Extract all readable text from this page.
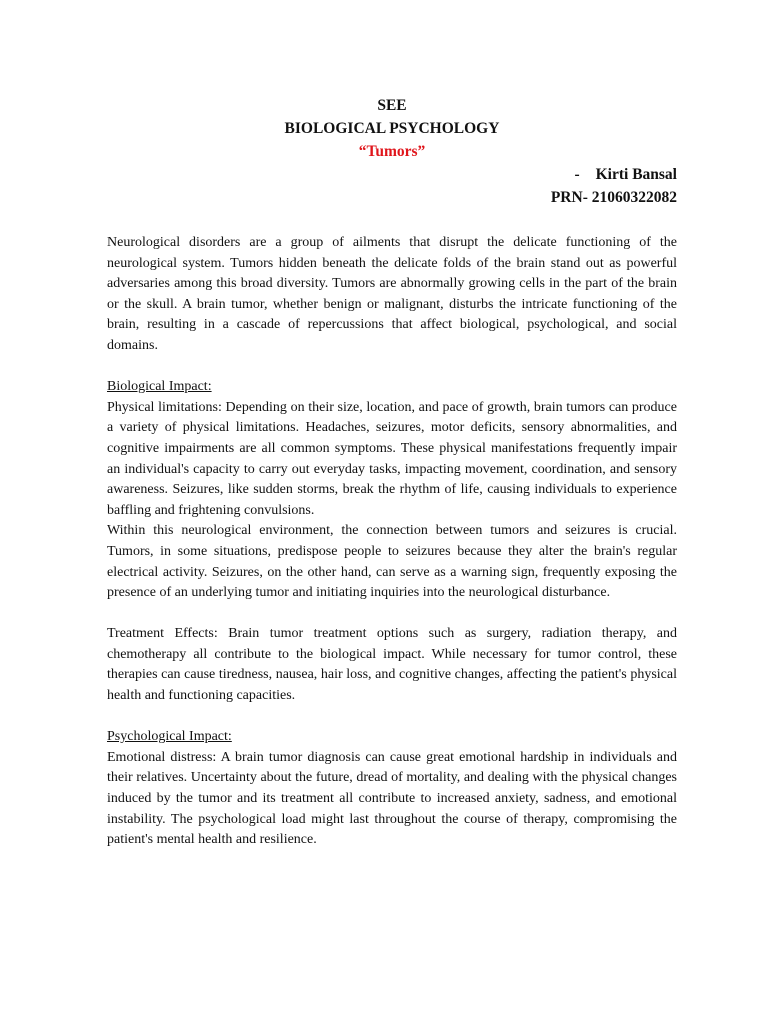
SEE
BIOLOGICAL PSYCHOLOGY
“Tumors”
- Kirti Bansal
PRN- 21060322082

Neurological disorders are a group of ailments that disrupt the delicate functioning of the neurological system. Tumors hidden beneath the delicate folds of the brain stand out as powerful adversaries among this broad diversity. Tumors are abnormally growing cells in the part of the brain or the skull. A brain tumor, whether benign or malignant, disturbs the intricate functioning of the brain, resulting in a cascade of repercussions that affect biological, psychological, and social domains.

Biological Impact:

Physical limitations: Depending on their size, location, and pace of growth, brain tumors can produce a variety of physical limitations. Headaches, seizures, motor deficits, sensory abnormalities, and cognitive impairments are all common symptoms. These physical manifestations frequently impair an individual's capacity to carry out everyday tasks, impacting movement, coordination, and sensory awareness. Seizures, like sudden storms, break the rhythm of life, causing individuals to experience baffling and frightening convulsions.

Within this neurological environment, the connection between tumors and seizures is crucial. Tumors, in some situations, predispose people to seizures because they alter the brain's regular electrical activity. Seizures, on the other hand, can serve as a warning sign, frequently exposing the presence of an underlying tumor and initiating inquiries into the neurological disturbance.

Treatment Effects: Brain tumor treatment options such as surgery, radiation therapy, and chemotherapy all contribute to the biological impact. While necessary for tumor control, these therapies can cause tiredness, nausea, hair loss, and cognitive changes, affecting the patient's physical health and functioning capacities.

Psychological Impact:

Emotional distress: A brain tumor diagnosis can cause great emotional hardship in individuals and their relatives. Uncertainty about the future, dread of mortality, and dealing with the physical changes induced by the tumor and its treatment all contribute to increased anxiety, sadness, and emotional instability. The psychological load might last throughout the course of therapy, compromising the patient's mental health and resilience.
